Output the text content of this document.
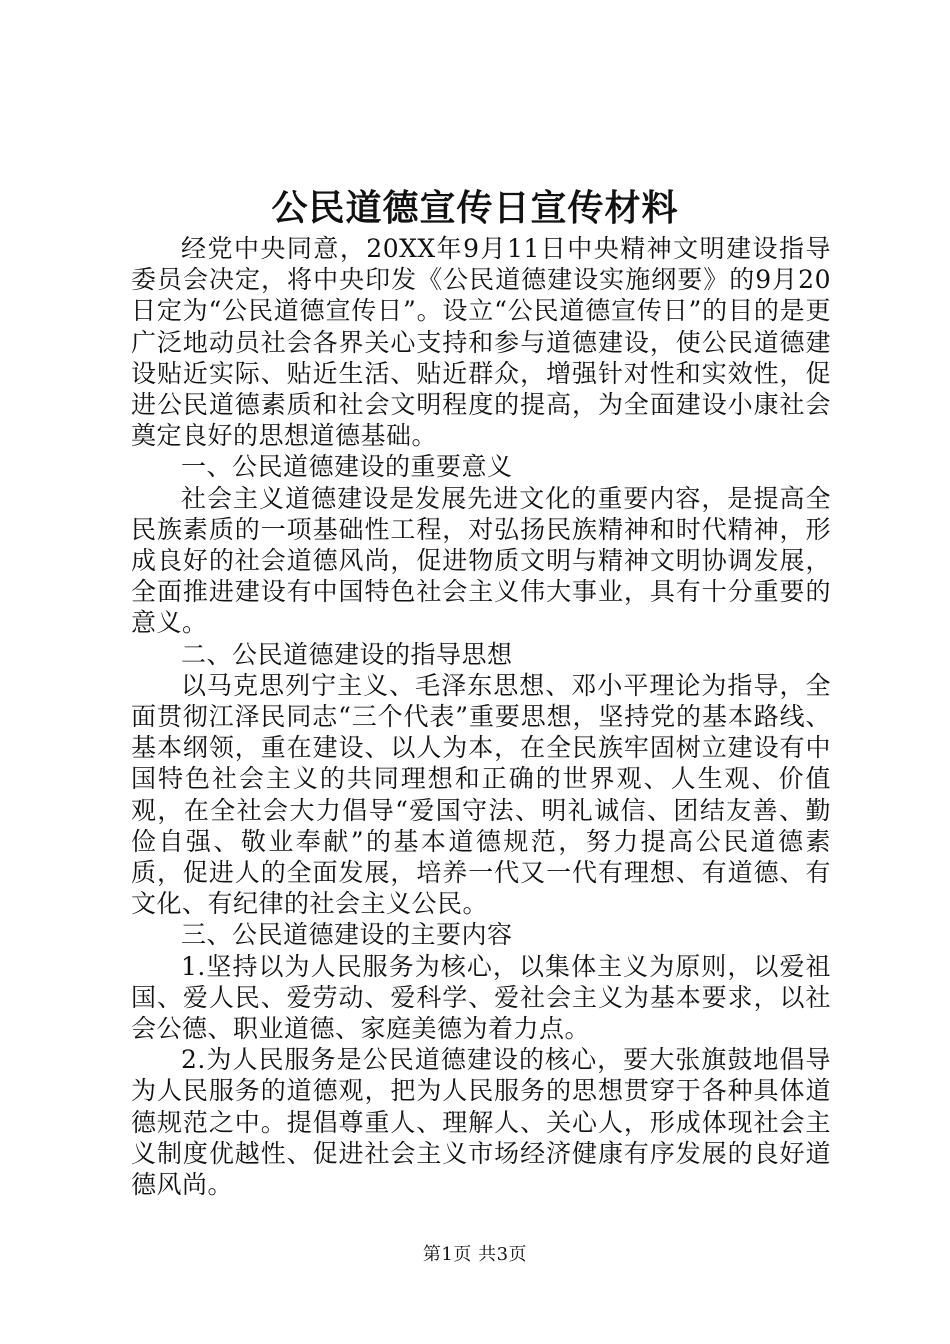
公民道德宣传日宣传材料

经党中央同意，20XX年9月11日中央精神文明建设指导委员会决定，将中央印发《公民道德建设实施纲要》的9月20日定为“公民道德宣传日”。设立“公民道德宣传日”的目的是更广泛地动员社会各界关心支持和参与道德建设，使公民道德建设贴近实际、贴近生活、贴近群众，增强针对性和实效性，促进公民道德素质和社会文明程度的提高，为全面建设小康社会奠定良好的思想道德基础。

一、公民道德建设的重要意义

社会主义道德建设是发展先进文化的重要内容，是提高全民族素质的一项基础性工程，对弘扬民族精神和时代精神，形成良好的社会道德风尚，促进物质文明与精神文明协调发展，全面推进建设有中国特色社会主义伟大事业，具有十分重要的意义。

二、公民道德建设的指导思想

以马克思列宁主义、毛泽东思想、邓小平理论为指导，全面贯彻江泽民同志“三个代表”重要思想，坚持党的基本路线、基本纲领，重在建设、以人为本，在全民族牢固树立建设有中国特色社会主义的共同理想和正确的世界观、人生观、价值观，在全社会大力倡导“爱国守法、明礼诚信、团结友善、勤俭自强、敬业奉献”的基本道德规范，努力提高公民道德素质，促进人的全面发展，培养一代又一代有理想、有道德、有文化、有纪律的社会主义公民。

三、公民道德建设的主要内容

1.坚持以为人民服务为核心，以集体主义为原则，以爱祖国、爱人民、爱劳动、爱科学、爱社会主义为基本要求，以社会公德、职业道德、家庭美德为着力点。

2.为人民服务是公民道德建设的核心，要大张旗鼓地倡导为人民服务的道德观，把为人民服务的思想贯穿于各种具体道德规范之中。提倡尊重人、理解人、关心人，形成体现社会主义制度优越性、促进社会主义市场经济健康有序发展的良好道德风尚。

第1页 共3页
